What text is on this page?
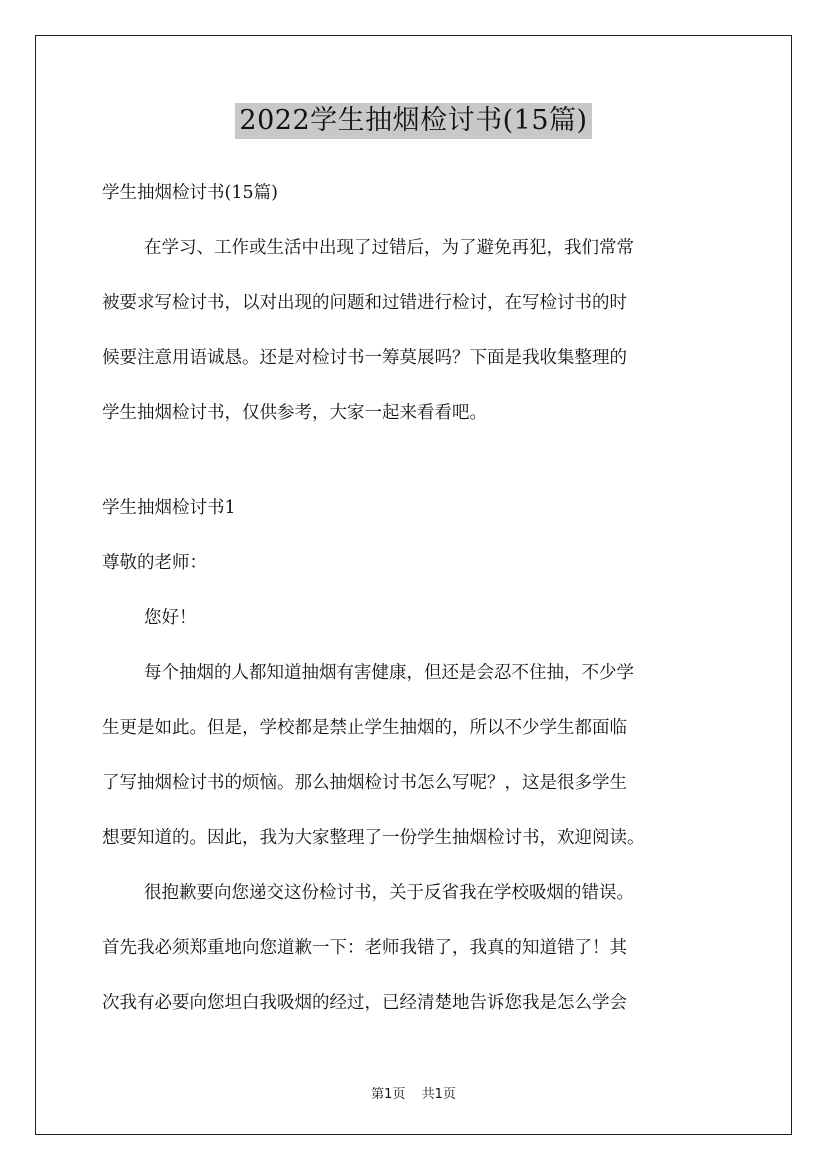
2022学生抽烟检讨书(15篇)
学生抽烟检讨书(15篇)
在学习、工作或生活中出现了过错后，为了避免再犯，我们常常
被要求写检讨书，以对出现的问题和过错进行检讨，在写检讨书的时
候要注意用语诚恳。还是对检讨书一筹莫展吗？下面是我收集整理的
学生抽烟检讨书，仅供参考，大家一起来看看吧。
学生抽烟检讨书1
尊敬的老师：
您好！
每个抽烟的人都知道抽烟有害健康，但还是会忍不住抽，不少学
生更是如此。但是，学校都是禁止学生抽烟的，所以不少学生都面临
了写抽烟检讨书的烦恼。那么抽烟检讨书怎么写呢？，这是很多学生
想要知道的。因此，我为大家整理了一份学生抽烟检讨书，欢迎阅读。
很抱歉要向您递交这份检讨书，关于反省我在学校吸烟的错误。
首先我必须郑重地向您道歉一下：老师我错了，我真的知道错了！其
次我有必要向您坦白我吸烟的经过，已经清楚地告诉您我是怎么学会
第1页 共1页
